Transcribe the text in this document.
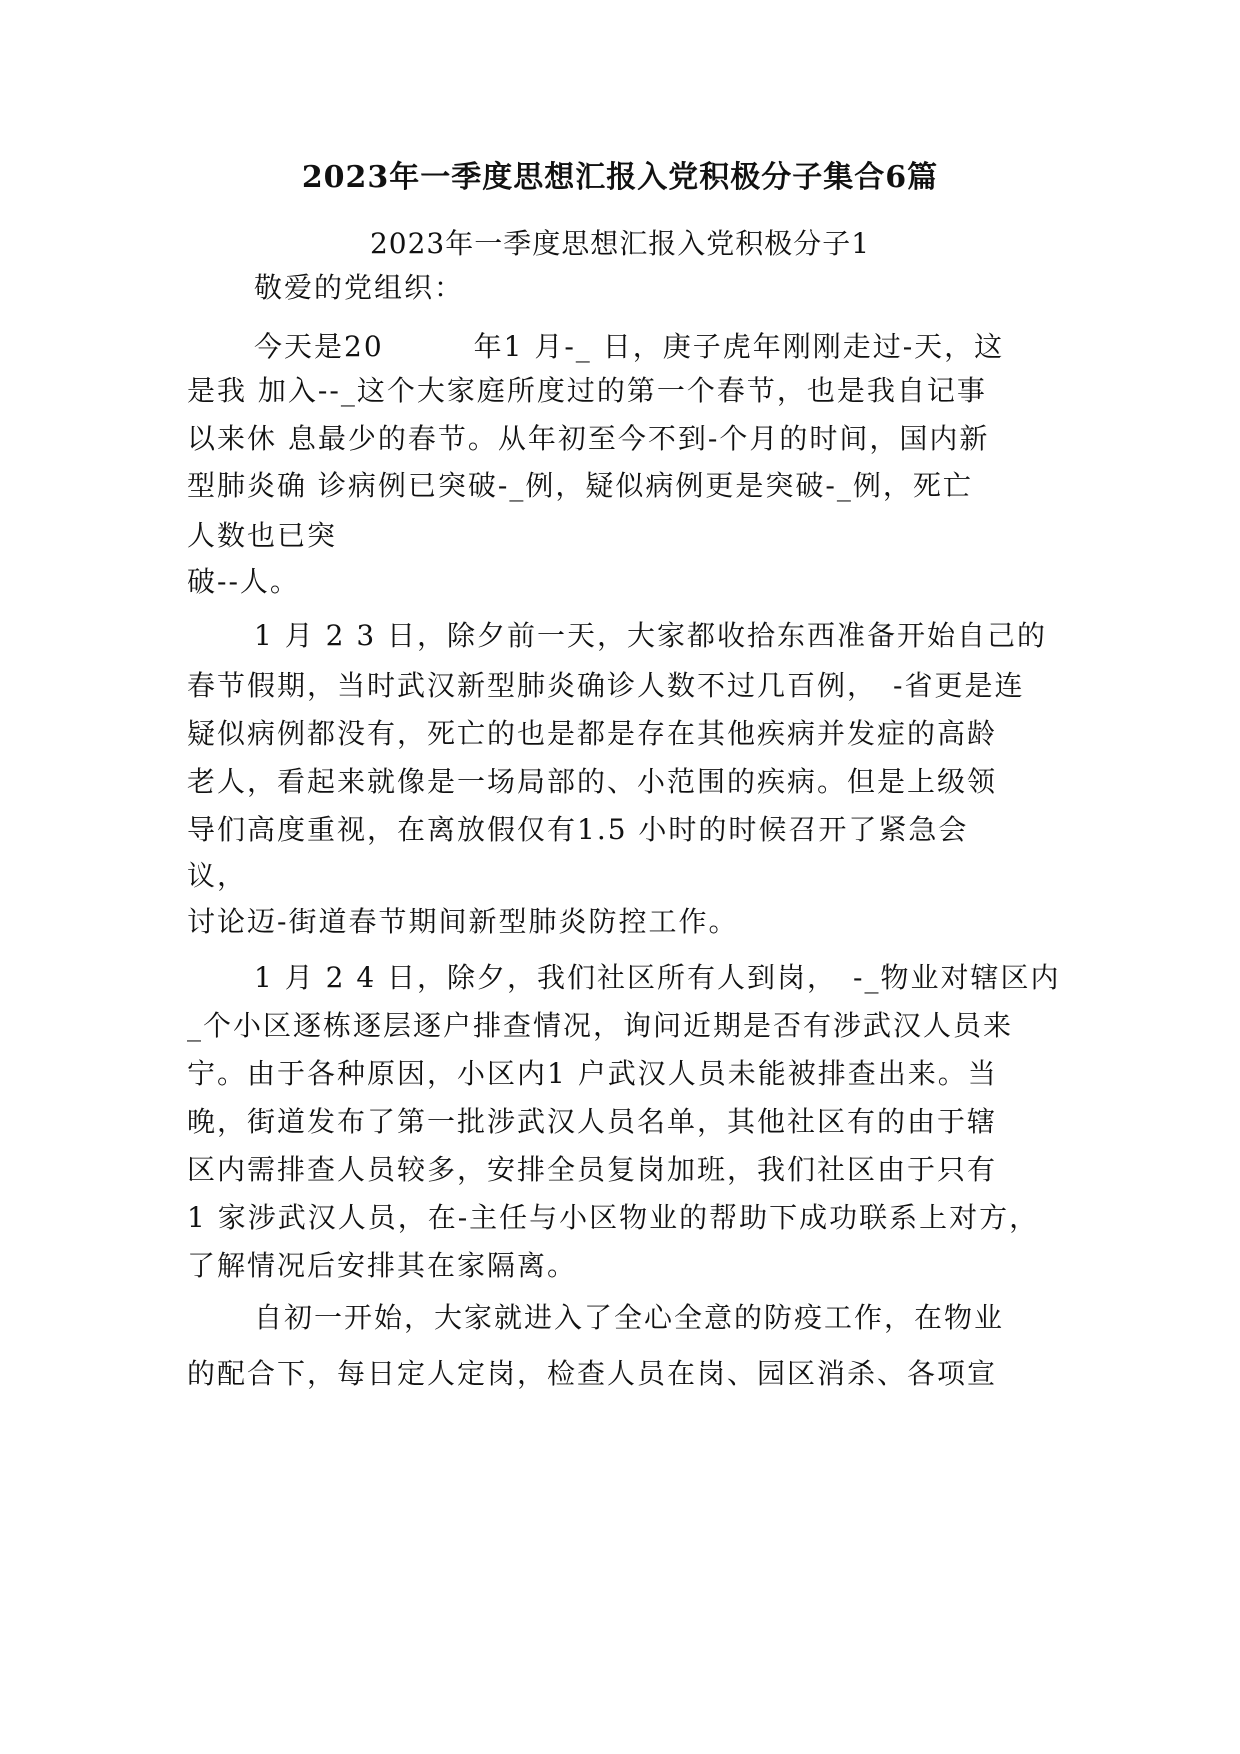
2023年一季度思想汇报入党积极分子集合6篇
2023年一季度思想汇报入党积极分子1
敬爱的党组织：
今天是20　　　年1 月-_ 日，庚子虎年刚刚走过-天，这
是我 加入--_这个大家庭所度过的第一个春节，也是我自记事
以来休 息最少的春节。从年初至今不到-个月的时间，国内新
型肺炎确 诊病例已突破-_例，疑似病例更是突破-_例，死亡
人数也已突
破--人。
1 月 2 3 日，除夕前一天，大家都收拾东西准备开始自己的
春节假期，当时武汉新型肺炎确诊人数不过几百例，　-省更是连
疑似病例都没有，死亡的也是都是存在其他疾病并发症的高龄
老人，看起来就像是一场局部的、小范围的疾病。但是上级领
导们高度重视，在离放假仅有1.5 小时的时候召开了紧急会
议，
讨论迈-街道春节期间新型肺炎防控工作。
1 月 2 4 日，除夕，我们社区所有人到岗，　-_物业对辖区内
_个小区逐栋逐层逐户排查情况，询问近期是否有涉武汉人员来
宁。由于各种原因，小区内1 户武汉人员未能被排查出来。当
晚，街道发布了第一批涉武汉人员名单，其他社区有的由于辖
区内需排查人员较多，安排全员复岗加班，我们社区由于只有
1 家涉武汉人员，在-主任与小区物业的帮助下成功联系上对方，
了解情况后安排其在家隔离。
自初一开始，大家就进入了全心全意的防疫工作，在物业
的配合下，每日定人定岗，检查人员在岗、园区消杀、各项宣
